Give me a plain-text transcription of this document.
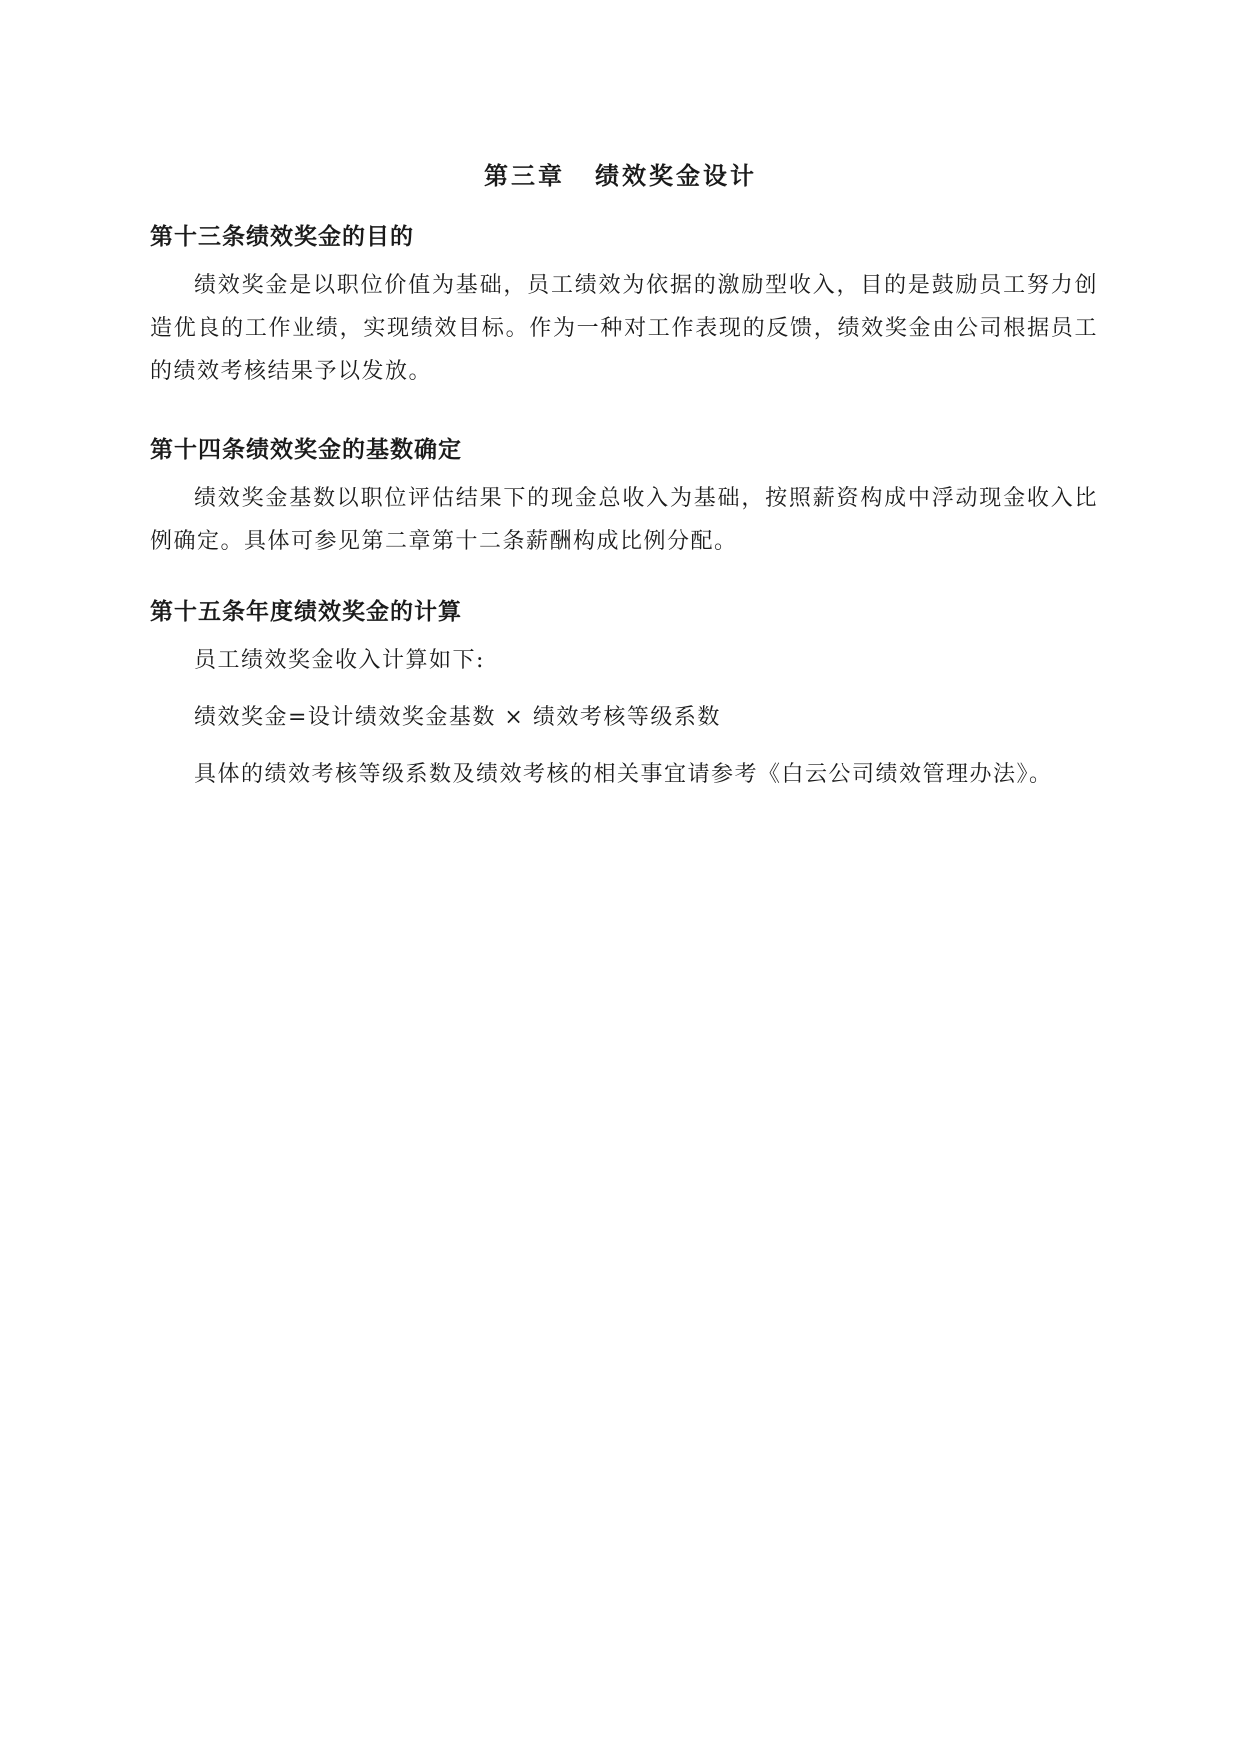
第三章 绩效奖金设计
第十三条绩效奖金的目的

绩效奖金是以职位价值为基础，员工绩效为依据的激励型收入，目的是鼓励员工努力创造优良的工作业绩，实现绩效目标。作为一种对工作表现的反馈，绩效奖金由公司根据员工的绩效考核结果予以发放。

第十四条绩效奖金的基数确定

绩效奖金基数以职位评估结果下的现金总收入为基础，按照薪资构成中浮动现金收入比例确定。具体可参见第二章第十二条薪酬构成比例分配。

第十五条年度绩效奖金的计算

员工绩效奖金收入计算如下:

绩效奖金=设计绩效奖金基数 × 绩效考核等级系数

具体的绩效考核等级系数及绩效考核的相关事宜请参考《白云公司绩效管理办法》。
